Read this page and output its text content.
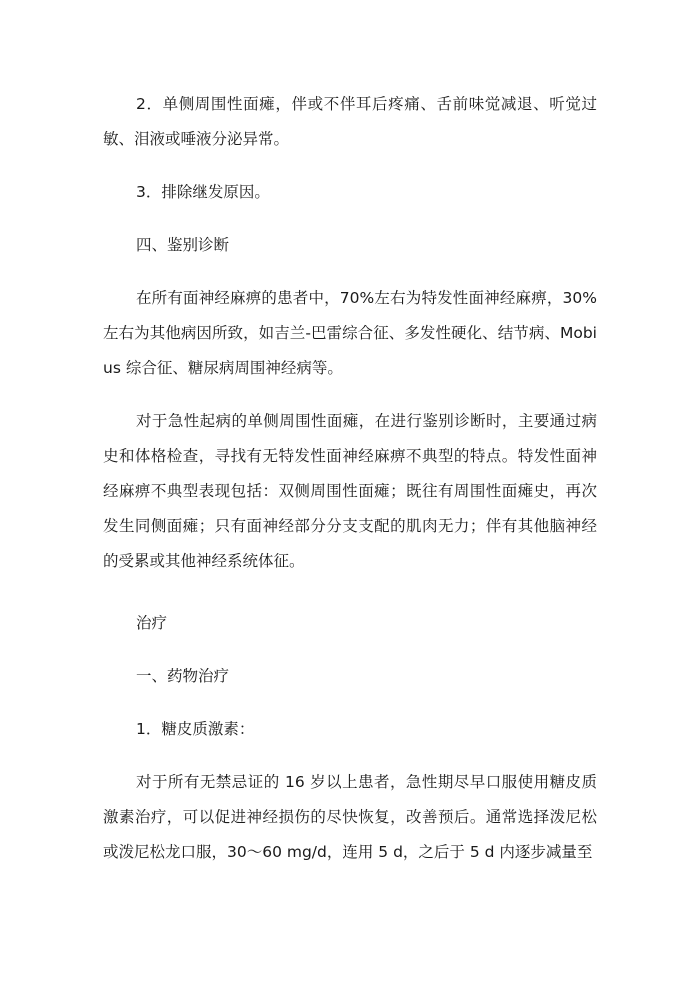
2．单侧周围性面瘫，伴或不伴耳后疼痛、舌前味觉减退、听觉过敏、泪液或唾液分泌异常。

3．排除继发原因。

四、鉴别诊断

在所有面神经麻痹的患者中，70%左右为特发性面神经麻痹，30%左右为其他病因所致，如吉兰-巴雷综合征、多发性硬化、结节病、Mobius 综合征、糖尿病周围神经病等。

对于急性起病的单侧周围性面瘫，在进行鉴别诊断时，主要通过病史和体格检查，寻找有无特发性面神经麻痹不典型的特点。特发性面神经麻痹不典型表现包括：双侧周围性面瘫；既往有周围性面瘫史，再次发生同侧面瘫；只有面神经部分分支支配的肌肉无力；伴有其他脑神经的受累或其他神经系统体征。

治疗

一、药物治疗

1．糖皮质激素：

对于所有无禁忌证的 16 岁以上患者，急性期尽早口服使用糖皮质激素治疗，可以促进神经损伤的尽快恢复，改善预后。通常选择泼尼松或泼尼松龙口服，30～60 mg/d，连用 5 d，之后于 5 d 内逐步减量至
